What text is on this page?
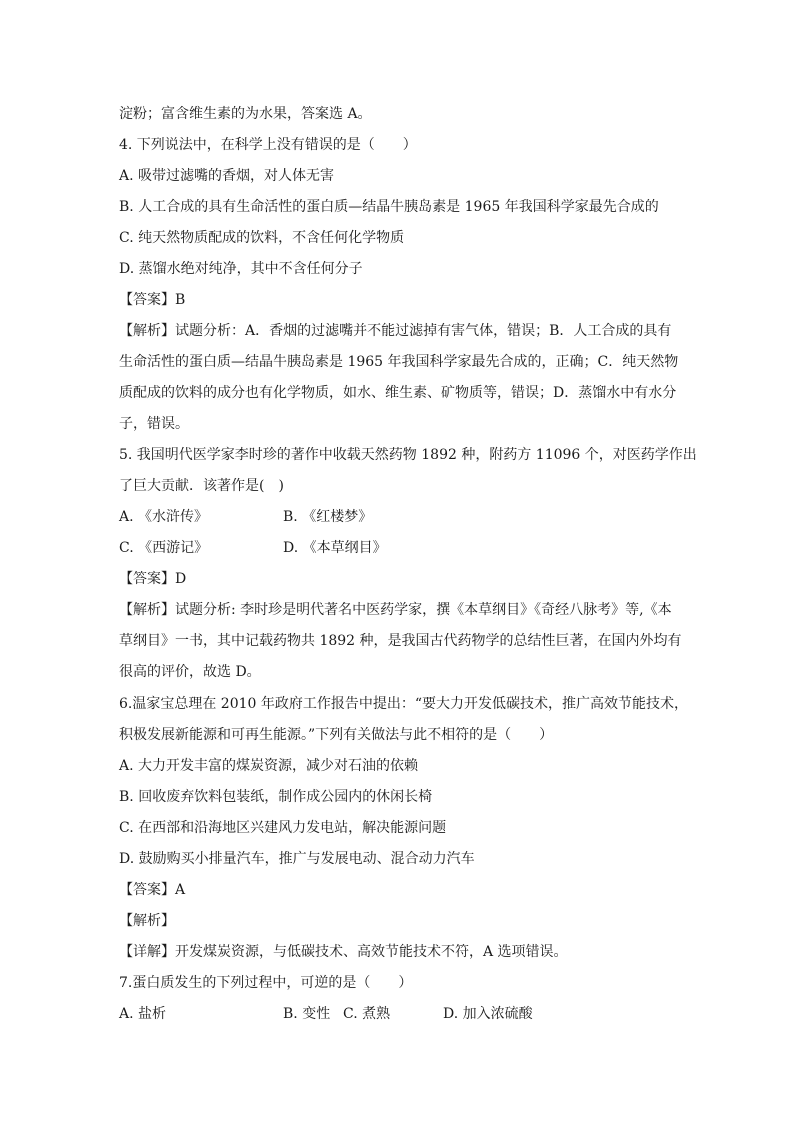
淀粉；富含维生素的为水果，答案选 A。
4. 下列说法中，在科学上没有错误的是（　　）
A. 吸带过滤嘴的香烟，对人体无害
B. 人工合成的具有生命活性的蛋白质—结晶牛胰岛素是 1965 年我国科学家最先合成的
C. 纯天然物质配成的饮料，不含任何化学物质
D. 蒸馏水绝对纯净，其中不含任何分子
【答案】B
【解析】试题分析：A．香烟的过滤嘴并不能过滤掉有害气体，错误；B．人工合成的具有
生命活性的蛋白质—结晶牛胰岛素是 1965 年我国科学家最先合成的，正确；C．纯天然物
质配成的饮料的成分也有化学物质，如水、维生素、矿物质等，错误；D．蒸馏水中有水分
子，错误。
5. 我国明代医学家李时珍的著作中收载天然药物 1892 种，附药方 11096 个，对医药学作出
了巨大贡献．该著作是(　)
A. 《水浒传》	B. 《红楼梦》
C. 《西游记》	D. 《本草纲目》
【答案】D
【解析】试题分析: 李时珍是明代著名中医药学家，撰《本草纲目》《奇经八脉考》等,《本
草纲目》一书，其中记载药物共 1892 种，是我国古代药物学的总结性巨著，在国内外均有
很高的评价，故选 D。
6.温家宝总理在 2010 年政府工作报告中提出：“要大力开发低碳技术，推广高效节能技术，
积极发展新能源和可再生能源。”下列有关做法与此不相符的是（　　）
A. 大力开发丰富的煤炭资源，减少对石油的依赖
B. 回收废弃饮料包装纸，制作成公园内的休闲长椅
C. 在西部和沿海地区兴建风力发电站，解决能源问题
D. 鼓励购买小排量汽车，推广与发展电动、混合动力汽车
【答案】A
【解析】
【详解】开发煤炭资源，与低碳技术、高效节能技术不符，A 选项错误。
7.蛋白质发生的下列过程中，可逆的是（　　）
A. 盐析	B. 变性 C. 煮熟	D. 加入浓硫酸
